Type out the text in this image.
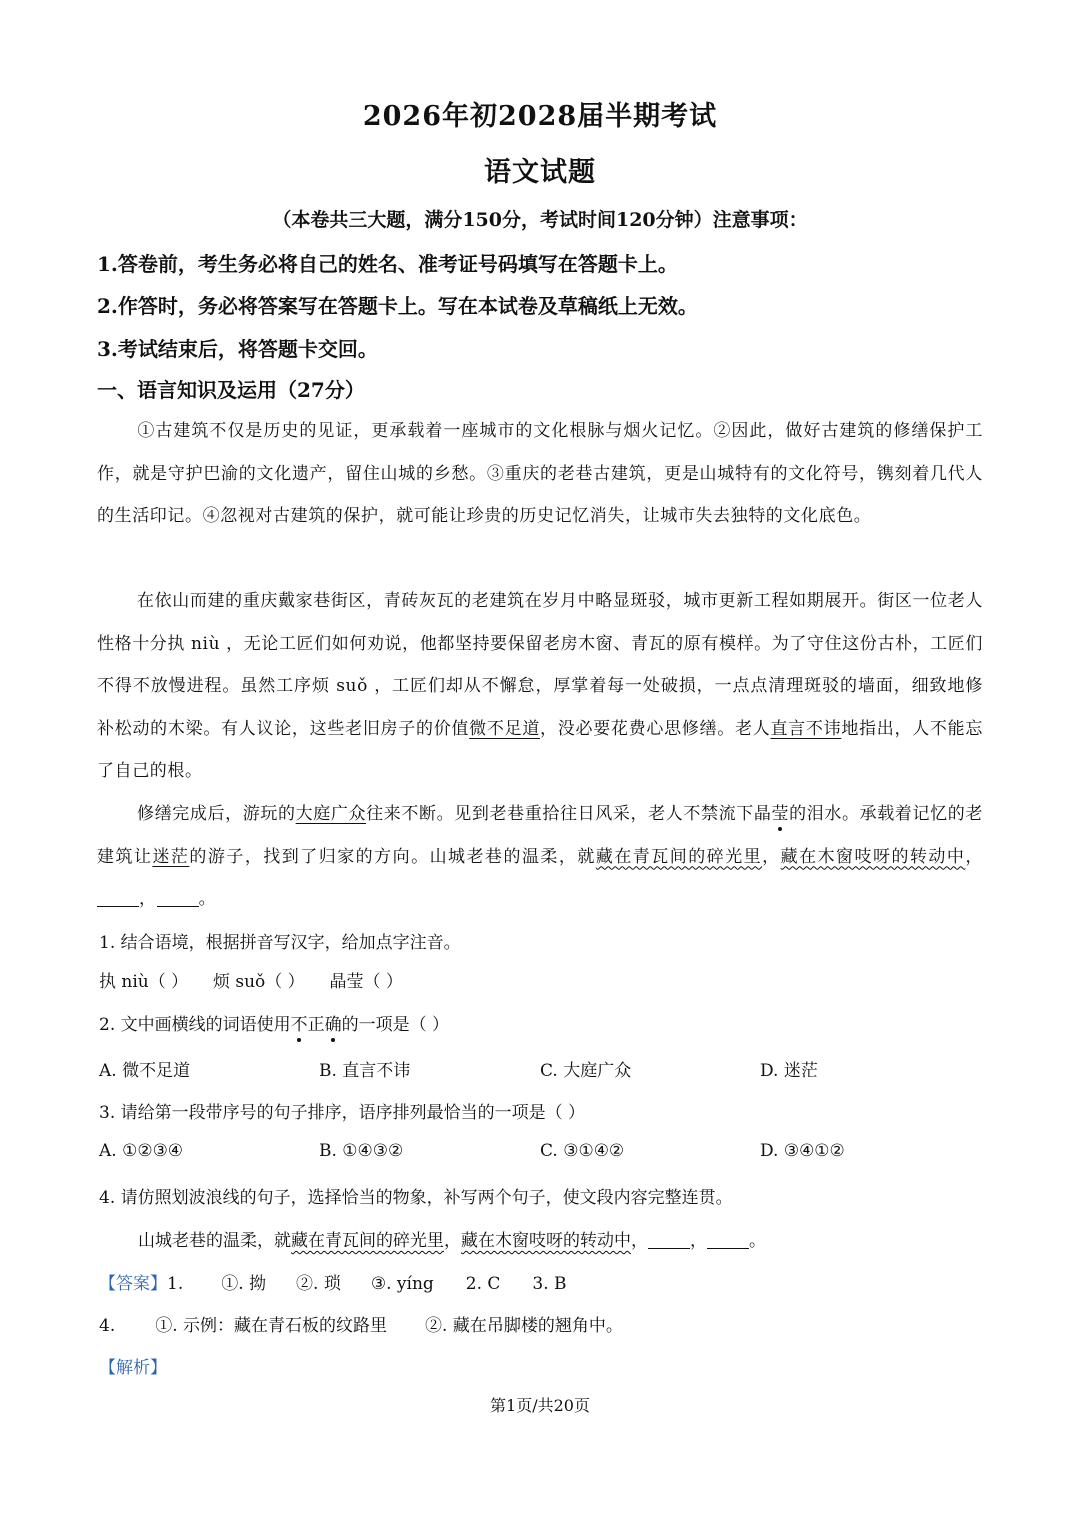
2026年初2028届半期考试
语文试题
（本卷共三大题，满分150分，考试时间120分钟）注意事项：
1.答卷前，考生务必将自己的姓名、准考证号码填写在答题卡上。
2.作答时，务必将答案写在答题卡上。写在本试卷及草稿纸上无效。
3.考试结束后，将答题卡交回。
一、语言知识及运用（27分）
①古建筑不仅是历史的见证，更承载着一座城市的文化根脉与烟火记忆。②因此，做好古建筑的修缮保护工作，就是守护巴渝的文化遗产，留住山城的乡愁。③重庆的老巷古建筑，更是山城特有的文化符号，镌刻着几代人的生活印记。④忽视对古建筑的保护，就可能让珍贵的历史记忆消失，让城市失去独特的文化底色。
在依山而建的重庆戴家巷街区，青砖灰瓦的老建筑在岁月中略显斑驳，城市更新工程如期展开。街区一位老人性格十分执 niù ，无论工匠们如何劝说，他都坚持要保留老房木窗、青瓦的原有模样。为了守住这份古朴，工匠们不得不放慢进程。虽然工序烦 suǒ ，工匠们却从不懈怠，厚掌着每一处破损，一点点清理斑驳的墙面，细致地修补松动的木梁。有人议论，这些老旧房子的价值微不足道，没必要花费心思修缮。老人直言不讳地指出，人不能忘了自己的根。
修缮完成后，游玩的大庭广众往来不断。见到老巷重拾往日风采，老人不禁流下晶莹的泪水。承载着记忆的老建筑让迷茫的游子，找到了归家的方向。山城老巷的温柔，就藏在青瓦间的碎光里，藏在木窗吱呀的转动中，， 。
1. 结合语境，根据拼音写汉字，给加点字注音。
执 niù（ ） 烦 suǒ（ ） 晶莹（ ）
2. 文中画横线的词语使用不正确的一项是（ ）
A. 微不足道	B. 直言不讳	C. 大庭广众	D. 迷茫
3. 请给第一段带序号的句子排序，语序排列最恰当的一项是（ ）
A. ①②③④	B. ①④③②	C. ③①④②	D. ③④①②
4. 请仿照划波浪线的句子，选择恰当的物象，补写两个句子，使文段内容完整连贯。
山城老巷的温柔，就藏在青瓦间的碎光里，藏在木窗吱呀的转动中， ， 。
【答案】1. ①. 拗 ②. 琐 ③. yíng 2. C 3. B
4. ①. 示例：藏在青石板的纹路里 ②. 藏在吊脚楼的翘角中。
【解析】
第1页/共20页
